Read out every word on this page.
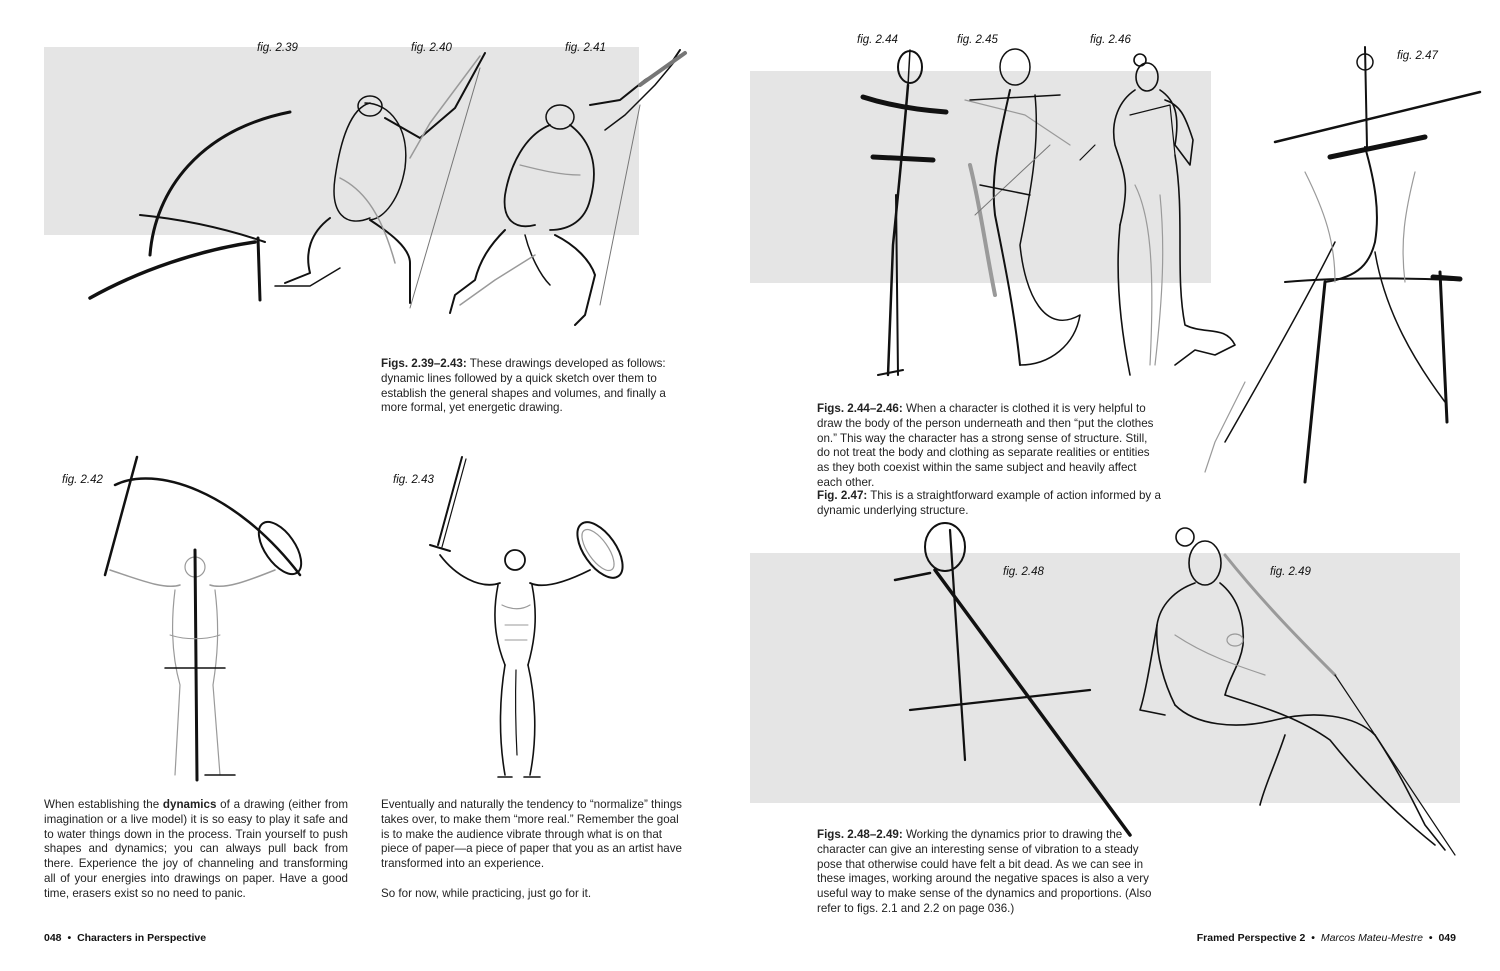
fig. 2.39	fig. 2.40	fig. 2.41
Figs. 2.39–2.43: These drawings developed as follows: dynamic lines followed by a quick sketch over them to establish the general shapes and volumes, and finally a more formal, yet energetic drawing.
fig. 2.42	fig. 2.43
When establishing the dynamics of a drawing (either from imagination or a live model) it is so easy to play it safe and to water things down in the process. Train yourself to push shapes and dynamics; you can always pull back from there. Experience the joy of channeling and transforming all of your energies into drawings on paper. Have a good time, erasers exist so no need to panic.
Eventually and naturally the tendency to “normalize” things takes over, to make them “more real.” Remember the goal is to make the audience vibrate through what is on that piece of paper—a piece of paper that you as an artist have transformed into an experience.
So for now, while practicing, just go for it.
048 • Characters in Perspective
fig. 2.44	fig. 2.45	fig. 2.46
fig. 2.47
Figs. 2.44–2.46: When a character is clothed it is very helpful to draw the body of the person underneath and then “put the clothes on.” This way the character has a strong sense of structure. Still, do not treat the body and clothing as separate realities or entities as they both coexist within the same subject and heavily affect each other.
Fig. 2.47: This is a straightforward example of action informed by a dynamic underlying structure.
fig. 2.48	fig. 2.49
Figs. 2.48–2.49: Working the dynamics prior to drawing the character can give an interesting sense of vibration to a steady pose that otherwise could have felt a bit dead. As we can see in these images, working around the negative spaces is also a very useful way to make sense of the dynamics and proportions. (Also refer to figs. 2.1 and 2.2 on page 036.)
Framed Perspective 2 • Marcos Mateu-Mestre • 049
